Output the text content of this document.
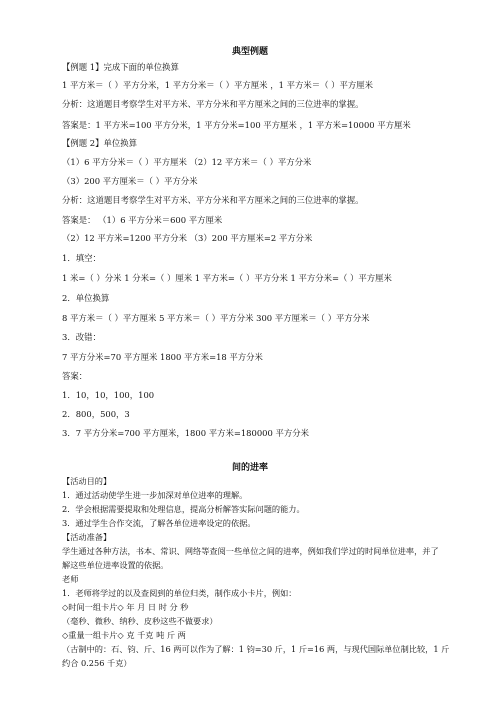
典型例题
【例题 1】完成下面的单位换算
1 平方米＝（ ）平方分米，1 平方分米＝（ ）平方厘米 ，1 平方米＝（ ）平方厘米
分析：这道题目考察学生对平方米、平方分米和平方厘米之间的三位进率的掌握。
答案是：1 平方米=100 平方分米，1 平方分米=100 平方厘米 ，1 平方米=10000 平方厘米
【例题 2】单位换算
（1）6 平方分米＝（ ）平方厘米 （2）12 平方米＝（ ）平方分米
（3）200 平方厘米＝（ ）平方分米
分析：这道题目考察学生对平方米、平方分米和平方厘米之间的三位进率的掌握。
答案是： （1）6 平方分米＝600 平方厘米
（2）12 平方米=1200 平方分米 （3）200 平方厘米=2 平方分米
1．填空：
1 米=（ ）分米 1 分米=（ ）厘米 1 平方米=（ ）平方分米 1 平方分米=（ ）平方厘米
2．单位换算
8 平方米＝（ ）平方厘米 5 平方米＝（ ）平方分米 300 平方厘米＝（ ）平方分米
3．改错：
7 平方分米=70 平方厘米 1800 平方米=18 平方分米
答案：
1．10，10，100，100
2．800，500，3
3．7 平方分米=700 平方厘米，1800 平方米=180000 平方分米
间的进率
【活动目的】
1．通过活动使学生进一步加深对单位进率的理解。
2．学会根据需要提取和处理信息，提高分析解答实际问题的能力。
3．通过学生合作交流，了解各单位进率设定的依据。
【活动准备】
学生通过各种方法，书本、常识、网络等查阅一些单位之间的进率，例如我们学过的时间单位进率，并了
解这些单位进率设置的依据。
老师
1．老师将学过的以及查阅到的单位归类，制作成小卡片，例如：
◇时间一组卡片◇ 年 月 日 时 分 秒
（毫秒、微秒、纳秒、皮秒这些不做要求）
◇重量一组卡片◇ 克 千克 吨 斤 两
（古制中的：石、钧、斤、16 两可以作为了解：1 钧=30 斤，1 斤=16 两，与现代国际单位制比较，1 斤
约合 0.256 千克）
